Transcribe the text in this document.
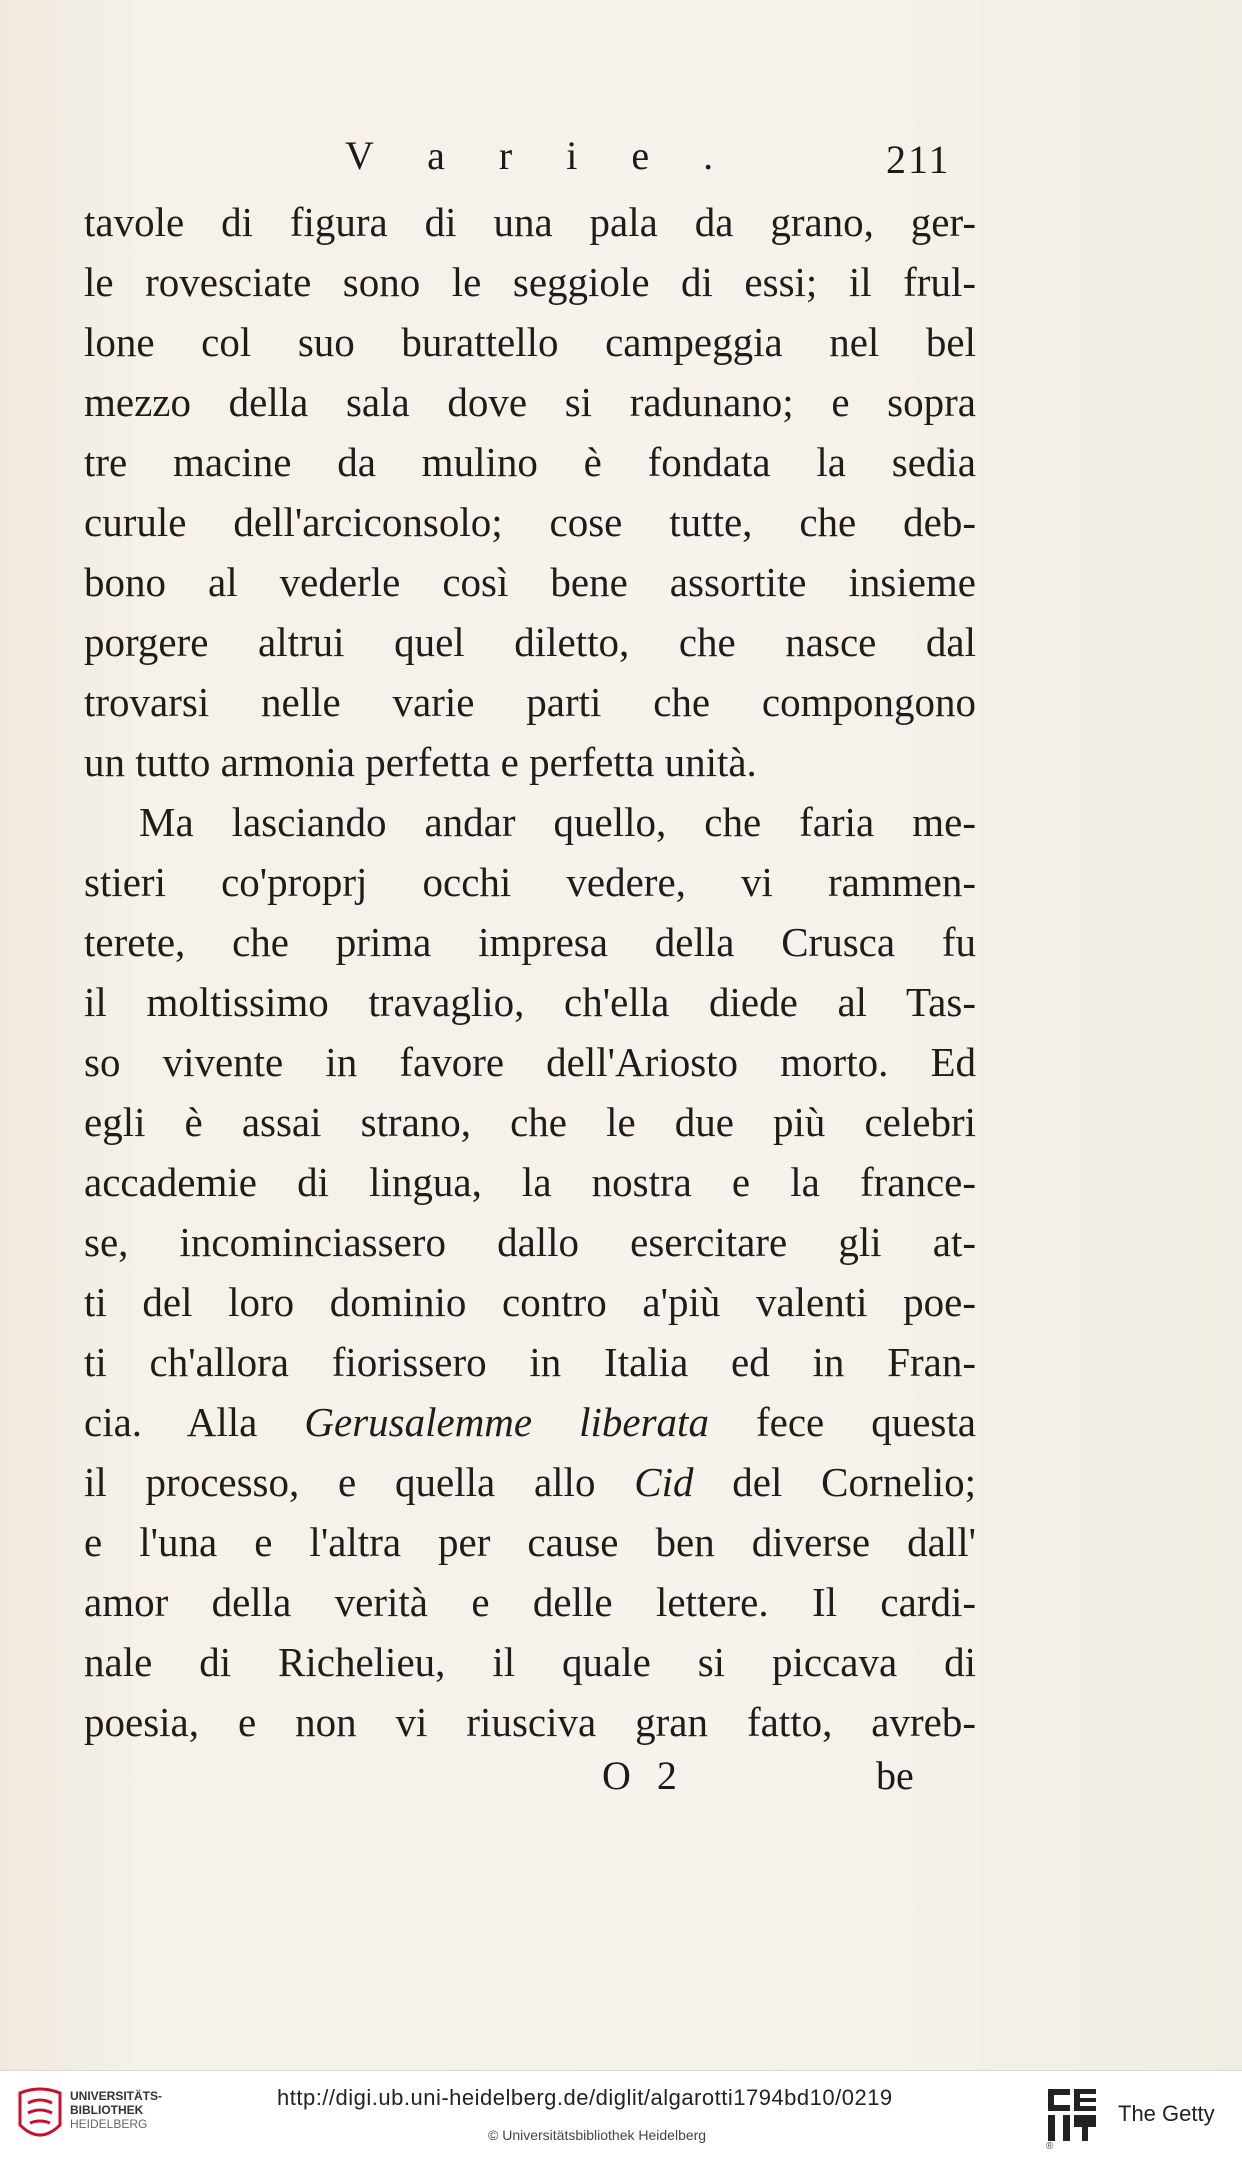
V a r i e .	211
tavole di figura di una pala da grano, ger-
le rovesciate sono le seggiole di essi; il frul-
lone col suo burattello campeggia nel bel
mezzo della sala dove si radunano; e sopra
tre macine da mulino è fondata la sedia
curule dell'arciconsolo; cose tutte, che deb-
bono al vederle così bene assortite insieme
porgere altrui quel diletto, che nasce dal
trovarsi nelle varie parti che compongono
un tutto armonia perfetta e perfetta unità.
Ma lasciando andar quello, che faria me-
stieri co'proprj occhi vedere, vi rammen-
terete, che prima impresa della Crusca fu
il moltissimo travaglio, ch'ella diede al Tas-
so vivente in favore dell'Ariosto morto. Ed
egli è assai strano, che le due più celebri
accademie di lingua, la nostra e la france-
se, incominciassero dallo esercitare gli at-
ti del loro dominio contro a'più valenti poe-
ti ch'allora fiorissero in Italia ed in Fran-
cia. Alla Gerusalemme liberata fece questa
il processo, e quella allo Cid del Cornelio;
e l'una e l'altra per cause ben diverse dall'
amor della verità e delle lettere. Il cardi-
nale di Richelieu, il quale si piccava di
poesia, e non vi riusciva gran fatto, avreb-
O 2	be
UNIVERSITÄTS-
BIBLIOTHEK
HEIDELBERG
http://digi.ub.uni-heidelberg.de/diglit/algarotti1794bd10/0219
© Universitätsbibliothek Heidelberg
®
The Getty
